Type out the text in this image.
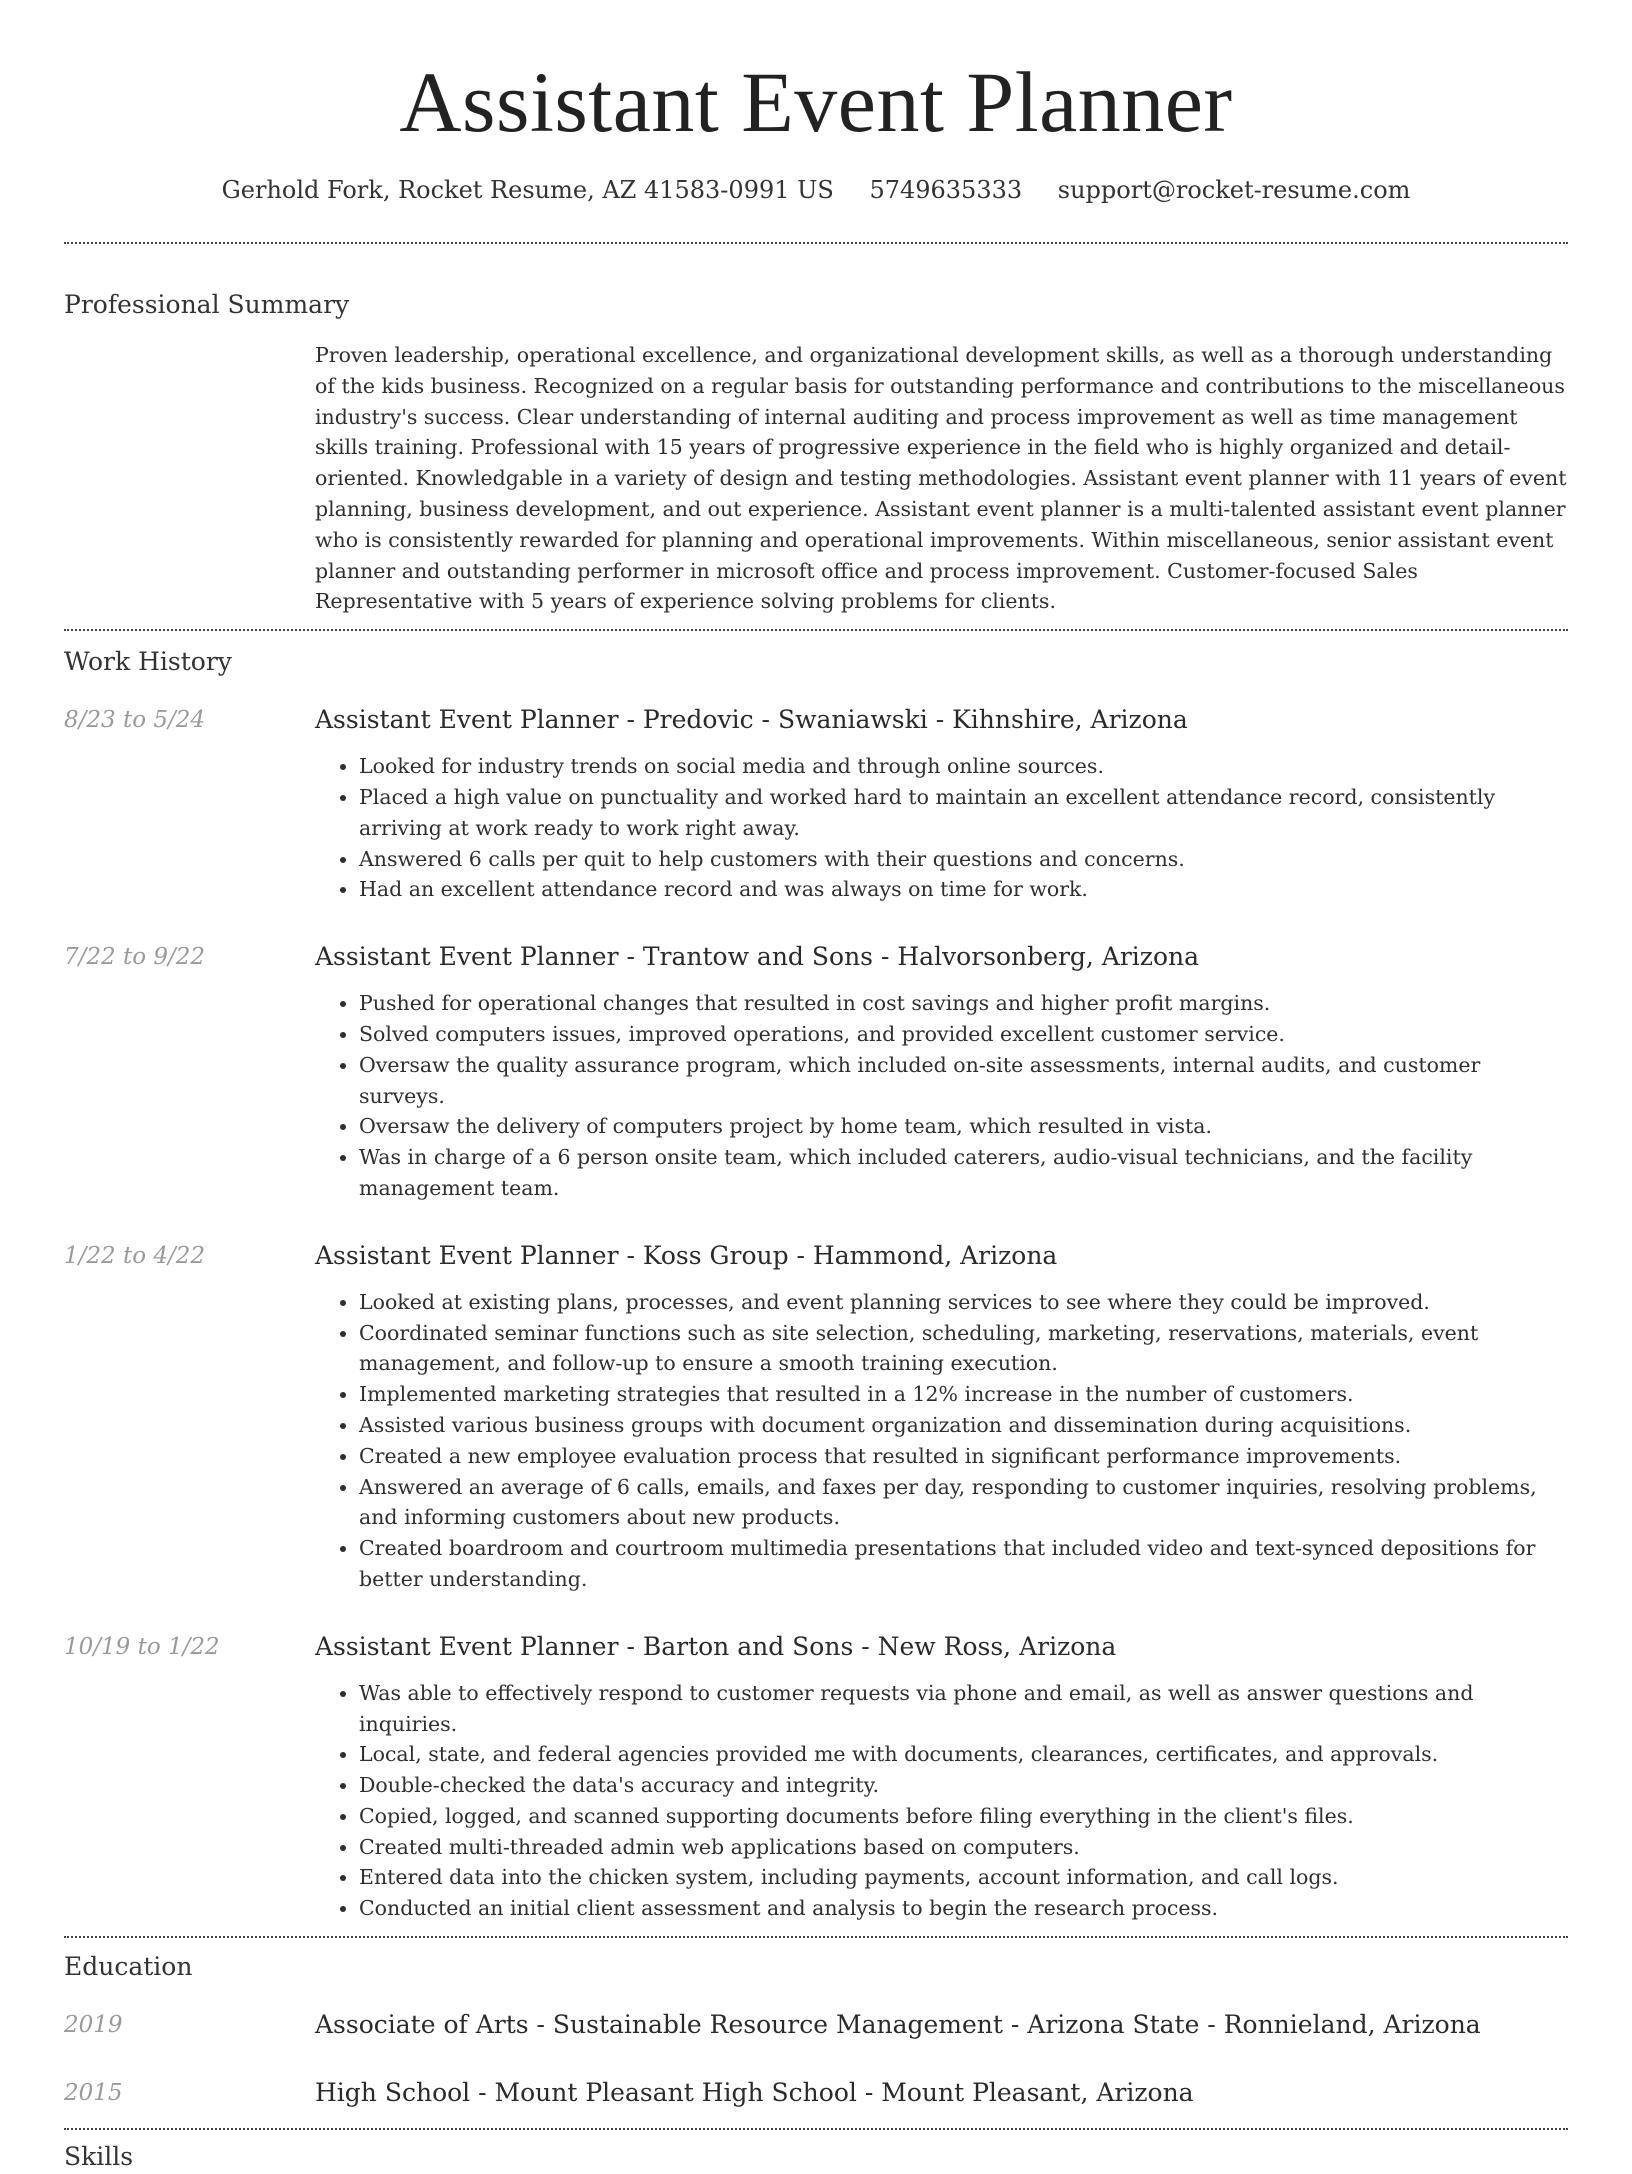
Assistant Event Planner
Gerhold Fork, Rocket Resume, AZ 41583-0991 US 5749635333 support@rocket-resume.com
Professional Summary
Proven leadership, operational excellence, and organizational development skills, as well as a thorough understanding of the kids business. Recognized on a regular basis for outstanding performance and contributions to the miscellaneous industry's success. Clear understanding of internal auditing and process improvement as well as time management skills training. Professional with 15 years of progressive experience in the field who is highly organized and detail-oriented. Knowledgable in a variety of design and testing methodologies. Assistant event planner with 11 years of event planning, business development, and out experience. Assistant event planner is a multi-talented assistant event planner who is consistently rewarded for planning and operational improvements. Within miscellaneous, senior assistant event planner and outstanding performer in microsoft office and process improvement. Customer-focused Sales Representative with 5 years of experience solving problems for clients.
Work History
8/23 to 5/24	Assistant Event Planner - Predovic - Swaniawski - Kihnshire, Arizona
• Looked for industry trends on social media and through online sources.
• Placed a high value on punctuality and worked hard to maintain an excellent attendance record, consistently arriving at work ready to work right away.
• Answered 6 calls per quit to help customers with their questions and concerns.
• Had an excellent attendance record and was always on time for work.
7/22 to 9/22	Assistant Event Planner - Trantow and Sons - Halvorsonberg, Arizona
• Pushed for operational changes that resulted in cost savings and higher profit margins.
• Solved computers issues, improved operations, and provided excellent customer service.
• Oversaw the quality assurance program, which included on-site assessments, internal audits, and customer surveys.
• Oversaw the delivery of computers project by home team, which resulted in vista.
• Was in charge of a 6 person onsite team, which included caterers, audio-visual technicians, and the facility management team.
1/22 to 4/22	Assistant Event Planner - Koss Group - Hammond, Arizona
• Looked at existing plans, processes, and event planning services to see where they could be improved.
• Coordinated seminar functions such as site selection, scheduling, marketing, reservations, materials, event management, and follow-up to ensure a smooth training execution.
• Implemented marketing strategies that resulted in a 12% increase in the number of customers.
• Assisted various business groups with document organization and dissemination during acquisitions.
• Created a new employee evaluation process that resulted in significant performance improvements.
• Answered an average of 6 calls, emails, and faxes per day, responding to customer inquiries, resolving problems, and informing customers about new products.
• Created boardroom and courtroom multimedia presentations that included video and text-synced depositions for better understanding.
10/19 to 1/22	Assistant Event Planner - Barton and Sons - New Ross, Arizona
• Was able to effectively respond to customer requests via phone and email, as well as answer questions and inquiries.
• Local, state, and federal agencies provided me with documents, clearances, certificates, and approvals.
• Double-checked the data's accuracy and integrity.
• Copied, logged, and scanned supporting documents before filing everything in the client's files.
• Created multi-threaded admin web applications based on computers.
• Entered data into the chicken system, including payments, account information, and call logs.
• Conducted an initial client assessment and analysis to begin the research process.
Education
2019	Associate of Arts - Sustainable Resource Management - Arizona State - Ronnieland, Arizona
2015	High School - Mount Pleasant High School - Mount Pleasant, Arizona
Skills
